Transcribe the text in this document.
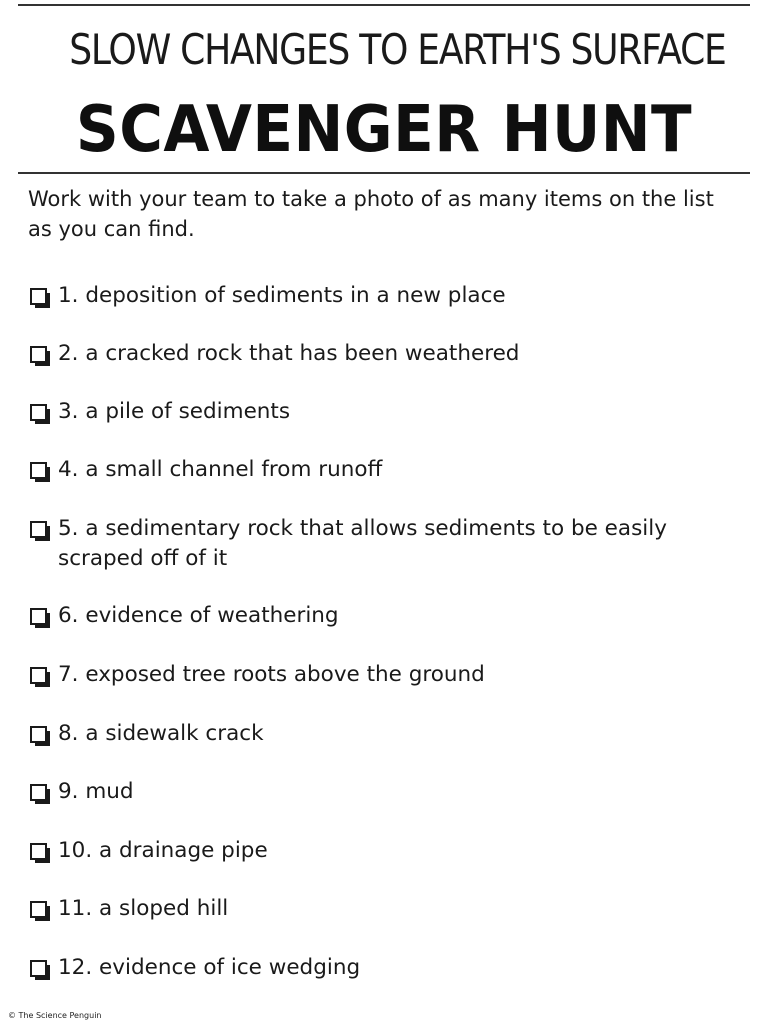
SLOW CHANGES TO EARTH'S SURFACE
SCAVENGER HUNT
Work with your team to take a photo of as many items on the list as you can find.
1. deposition of sediments in a new place
2. a cracked rock that has been weathered
3. a pile of sediments
4. a small channel from runoff
5. a sedimentary rock that allows sediments to be easily scraped off of it
6. evidence of weathering
7. exposed tree roots above the ground
8. a sidewalk crack
9. mud
10. a drainage pipe
11. a sloped hill
12. evidence of ice wedging
© The Science Penguin
